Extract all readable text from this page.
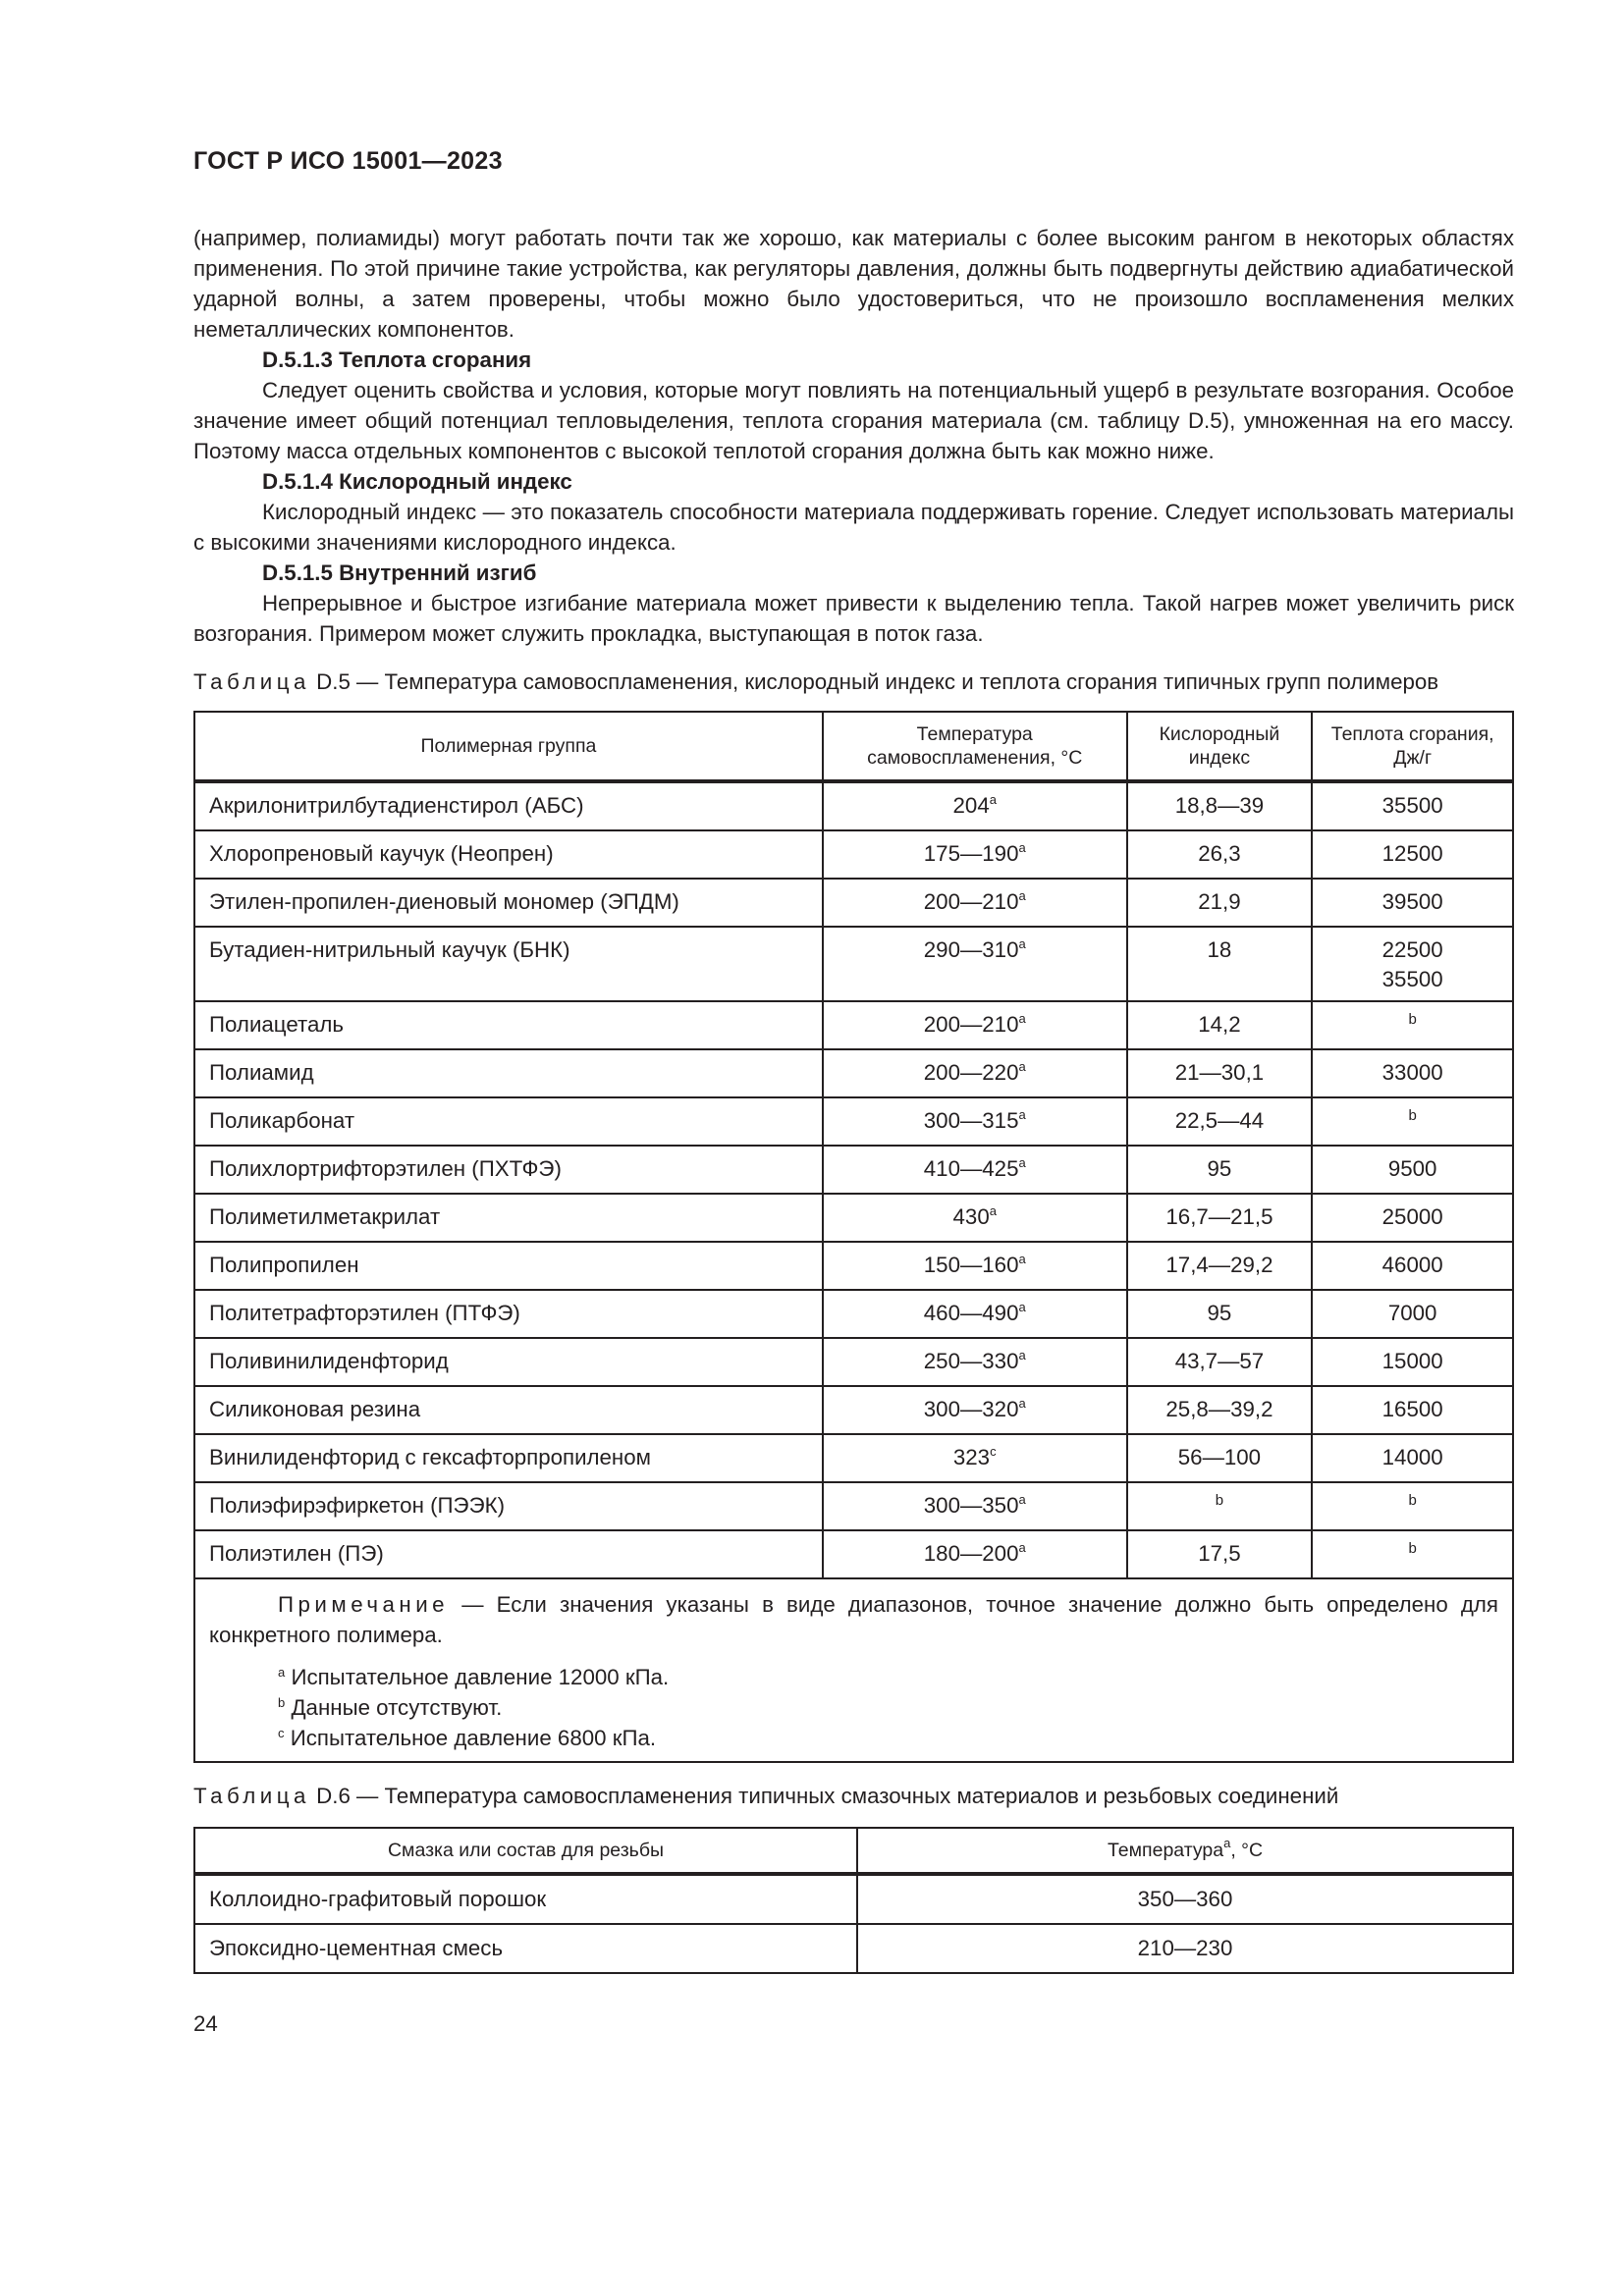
ГОСТ Р ИСО 15001—2023

(например, полиамиды) могут работать почти так же хорошо, как материалы с более высоким рангом в некоторых областях применения. По этой причине такие устройства, как регуляторы давления, должны быть подвергнуты действию адиабатической ударной волны, а затем проверены, чтобы можно было удостовериться, что не произошло воспламенения мелких неметаллических компонентов.

D.5.1.3 Теплота сгорания

Следует оценить свойства и условия, которые могут повлиять на потенциальный ущерб в результате возгорания. Особое значение имеет общий потенциал тепловыделения, теплота сгорания материала (см. таблицу D.5), умноженная на его массу. Поэтому масса отдельных компонентов с высокой теплотой сгорания должна быть как можно ниже.

D.5.1.4 Кислородный индекс

Кислородный индекс — это показатель способности материала поддерживать горение. Следует использовать материалы с высокими значениями кислородного индекса.

D.5.1.5 Внутренний изгиб

Непрерывное и быстрое изгибание материала может привести к выделению тепла. Такой нагрев может увеличить риск возгорания. Примером может служить прокладка, выступающая в поток газа.

Таблица D.5 — Температура самовоспламенения, кислородный индекс и теплота сгорания типичных групп полимеров

Полимерная группа	Температура самовоспламенения, °С	Кислородный индекс	Теплота сгорания, Дж/г
Акрилонитрилбутадиенстирол (АБС)	204$^a$	18,8—39	35500
Хлоропреновый каучук (Неопрен)	175—190$^a$	26,3	12500
Этилен-пропилен-диеновый мономер (ЭПДМ)	200—210$^a$	21,9	39500
Бутадиен-нитрильный каучук (БНК)	290—310$^a$	18	22500
35500
Полиацеталь	200—210$^a$	14,2	$^b$
Полиамид	200—220$^a$	21—30,1	33000
Поликарбонат	300—315$^a$	22,5—44	$^b$
Полихлортрифторэтилен (ПХТФЭ)	410—425$^a$	95	9500
Полиметилметакрилат	430$^a$	16,7—21,5	25000
Полипропилен	150—160$^a$	17,4—29,2	46000
Политетрафторэтилен (ПТФЭ)	460—490$^a$	95	7000
Поливинилиденфторид	250—330$^a$	43,7—57	15000
Силиконовая резина	300—320$^a$	25,8—39,2	16500
Винилиденфторид с гексафторпропиленом	323$^c$	56—100	14000
Полиэфирэфиркетон (ПЭЭК)	300—350$^a$	$^b$	$^b$
Полиэтилен (ПЭ)	180—200$^a$	17,5	$^b$

Примечание — Если значения указаны в виде диапазонов, точное значение должно быть определено для конкретного полимера.

$^a$ Испытательное давление 12000 кПа.

$^b$ Данные отсутствуют.

$^c$ Испытательное давление 6800 кПа.			

Таблица D.6 — Температура самовоспламенения типичных смазочных материалов и резьбовых соединений

Смазка или состав для резьбы	Температура$^a$, °С
Коллоидно-графитовый порошок	350—360
Эпоксидно-цементная смесь	210—230
24
